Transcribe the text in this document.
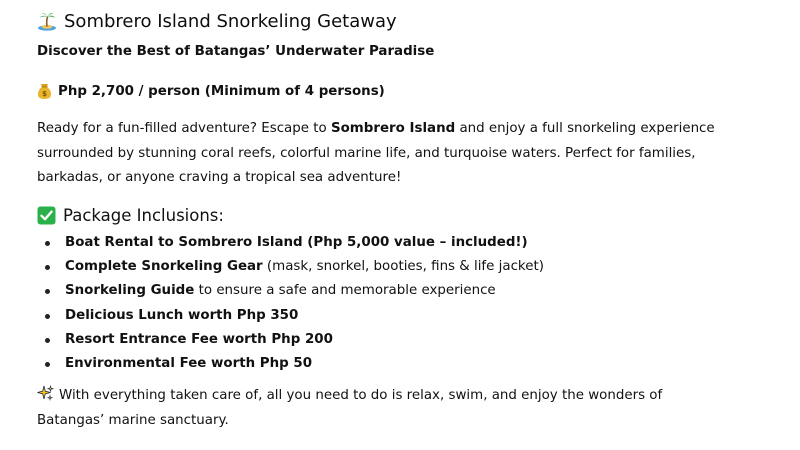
Sombrero Island Snorkeling Getaway
Discover the Best of Batangas’ Underwater Paradise
$ Php 2,700 / person (Minimum of 4 persons)

Ready for a fun-filled adventure? Escape to Sombrero Island and enjoy a full snorkeling experience surrounded by stunning coral reefs, colorful marine life, and turquoise waters. Perfect for families, barkadas, or anyone craving a tropical sea adventure!

Package Inclusions:
Boat Rental to Sombrero Island (Php 5,000 value – included!)
Complete Snorkeling Gear (mask, snorkel, booties, fins & life jacket)
Snorkeling Guide to ensure a safe and memorable experience
Delicious Lunch worth Php 350
Resort Entrance Fee worth Php 200
Environmental Fee worth Php 50

With everything taken care of, all you need to do is relax, swim, and enjoy the wonders of Batangas’ marine sanctuary.
